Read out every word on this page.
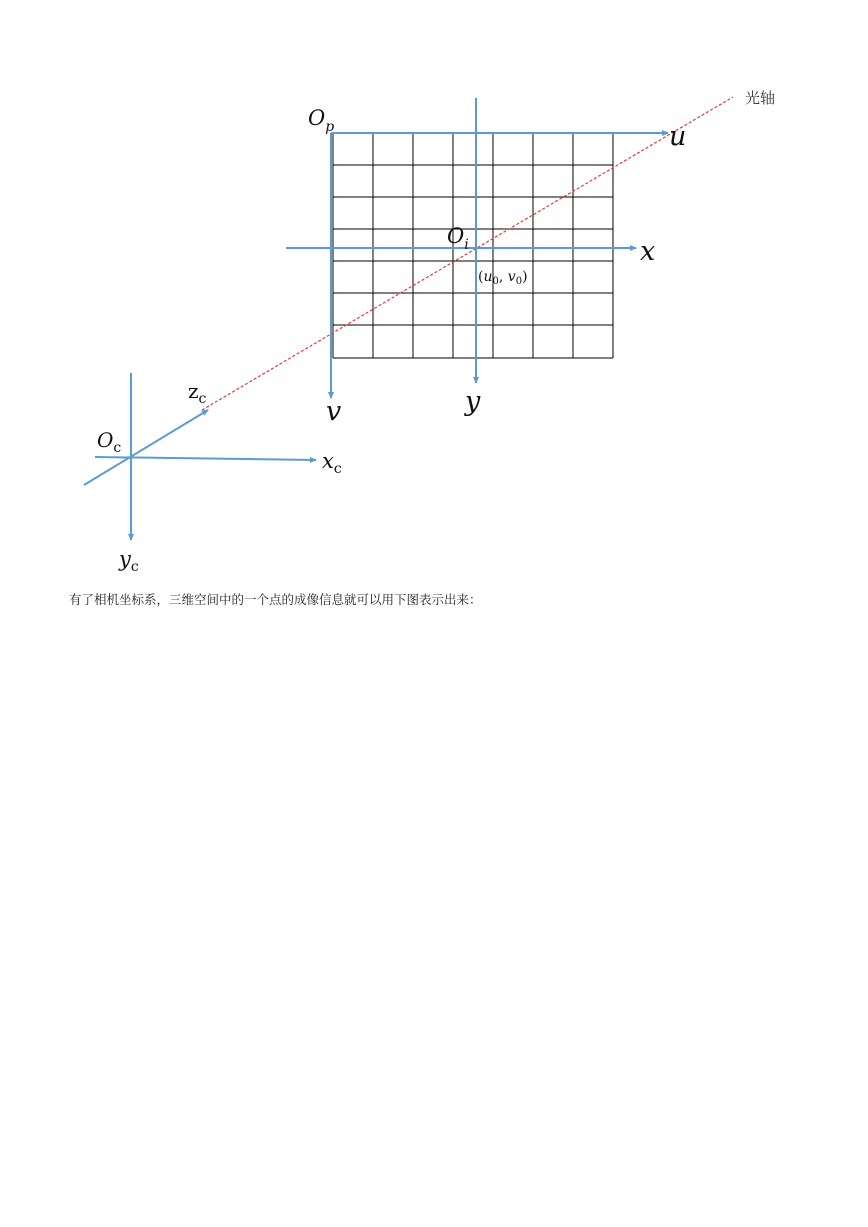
光轴
Op	u
x
Oi
(u0, v0)
v	y
zc
Oc
xc
yc
有了相机坐标系，三维空间中的一个点的成像信息就可以用下图表示出来：
